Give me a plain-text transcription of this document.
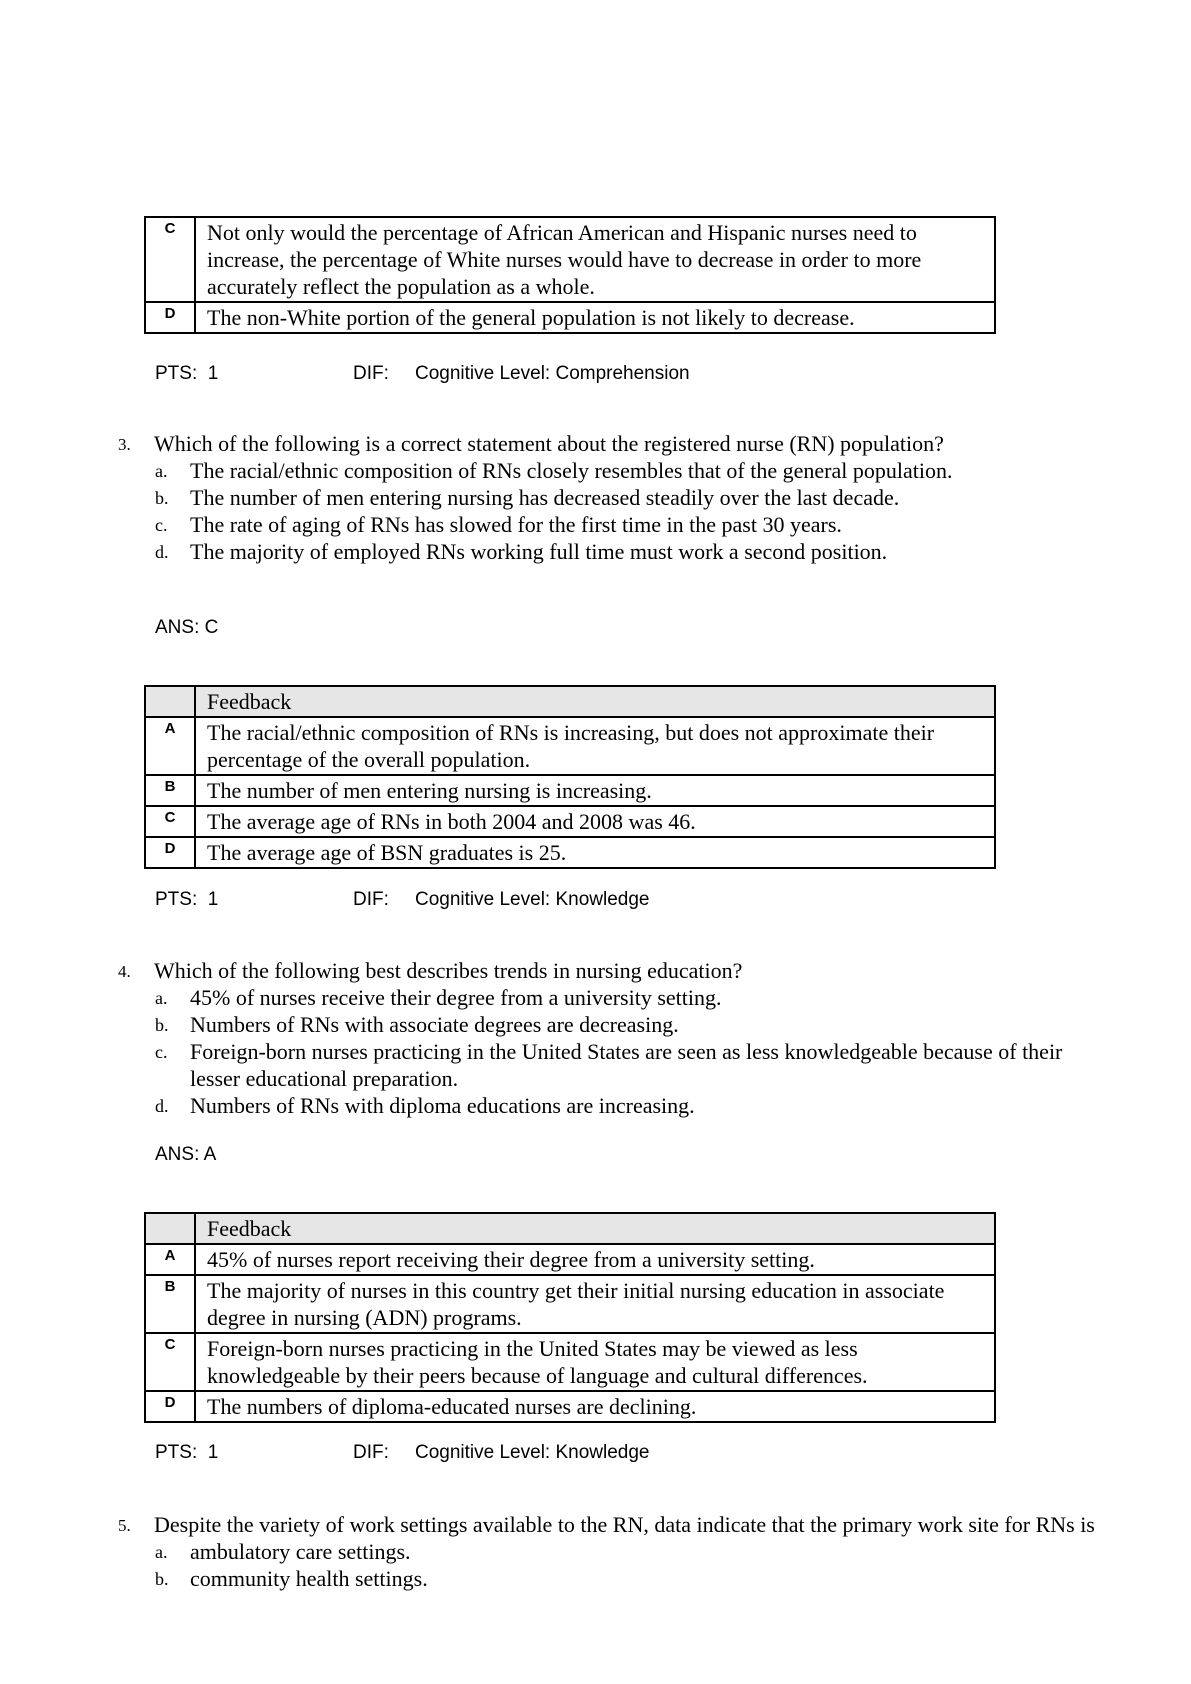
C	Not only would the percentage of African American and Hispanic nurses need to increase, the percentage of White nurses would have to decrease in order to more accurately reflect the population as a whole.
D	The non-White portion of the general population is not likely to decrease.
PTS: 1	DIF: Cognitive Level: Comprehension
3. Which of the following is a correct statement about the registered nurse (RN) population?
a. The racial/ethnic composition of RNs closely resembles that of the general population.
b. The number of men entering nursing has decreased steadily over the last decade.
c. The rate of aging of RNs has slowed for the first time in the past 30 years.
d. The majority of employed RNs working full time must work a second position.
ANS: C
	Feedback
A	The racial/ethnic composition of RNs is increasing, but does not approximate their percentage of the overall population.
B	The number of men entering nursing is increasing.
C	The average age of RNs in both 2004 and 2008 was 46.
D	The average age of BSN graduates is 25.
PTS: 1	DIF: Cognitive Level: Knowledge
4. Which of the following best describes trends in nursing education?
a. 45% of nurses receive their degree from a university setting.
b. Numbers of RNs with associate degrees are decreasing.
c. Foreign-born nurses practicing in the United States are seen as less knowledgeable because of their lesser educational preparation.
d. Numbers of RNs with diploma educations are increasing.
ANS: A
	Feedback
A	45% of nurses report receiving their degree from a university setting.
B	The majority of nurses in this country get their initial nursing education in associate degree in nursing (ADN) programs.
C	Foreign-born nurses practicing in the United States may be viewed as less knowledgeable by their peers because of language and cultural differences.
D	The numbers of diploma-educated nurses are declining.
PTS: 1	DIF: Cognitive Level: Knowledge
5. Despite the variety of work settings available to the RN, data indicate that the primary work site for RNs is
a. ambulatory care settings.
b. community health settings.
